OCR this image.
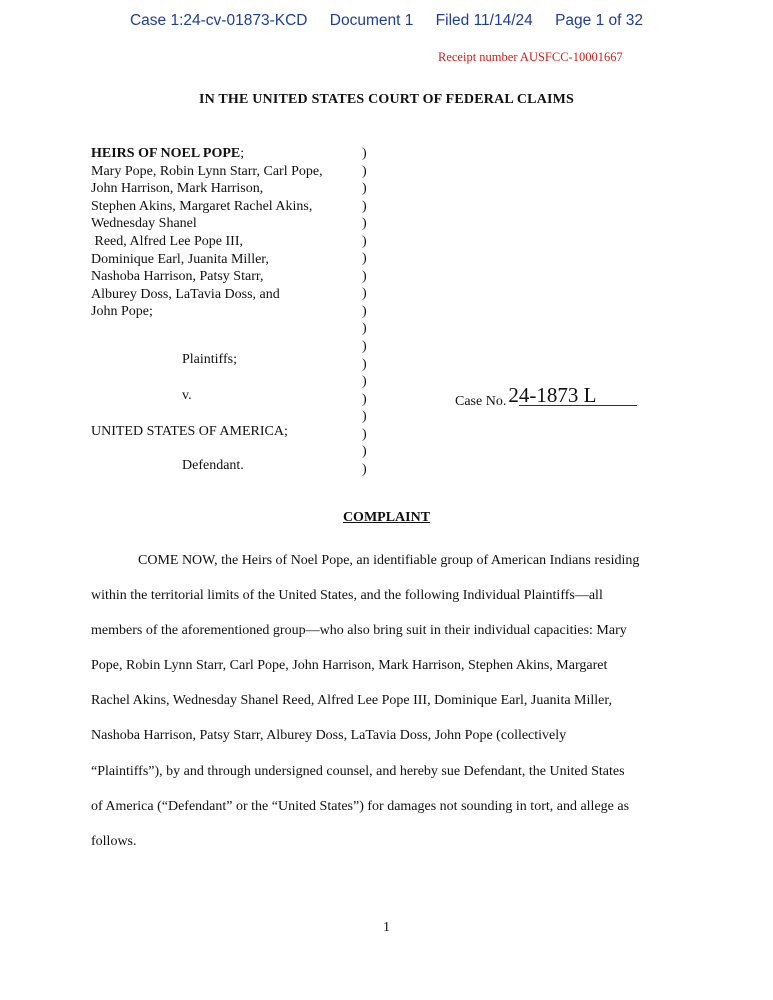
Case 1:24-cv-01873-KCD Document 1 Filed 11/14/24 Page 1 of 32
Receipt number AUSFCC-10001667
IN THE UNITED STATES COURT OF FEDERAL CLAIMS
HEIRS OF NOEL POPE;
Mary Pope, Robin Lynn Starr, Carl Pope,
John Harrison, Mark Harrison,
Stephen Akins, Margaret Rachel Akins,
Wednesday Shanel
Reed, Alfred Lee Pope III,
Dominique Earl, Juanita Miller,
Nashoba Harrison, Patsy Starr,
Alburey Doss, LaTavia Doss, and
John Pope;
Plaintiffs;
v.
UNITED STATES OF AMERICA;
Defendant.
)
)
)
)
)
)
)
)
)
)
)
)
)
)
)
)
)
)
)
Case No.24-1873 L
COMPLAINT
COME NOW, the Heirs of Noel Pope, an identifiable group of American Indians residing
within the territorial limits of the United States, and the following Individual Plaintiffs—all
members of the aforementioned group—who also bring suit in their individual capacities: Mary
Pope, Robin Lynn Starr, Carl Pope, John Harrison, Mark Harrison, Stephen Akins, Margaret
Rachel Akins, Wednesday Shanel Reed, Alfred Lee Pope III, Dominique Earl, Juanita Miller,
Nashoba Harrison, Patsy Starr, Alburey Doss, LaTavia Doss, John Pope (collectively
“Plaintiffs”), by and through undersigned counsel, and hereby sue Defendant, the United States
of America (“Defendant” or the “United States”) for damages not sounding in tort, and allege as
follows.
1
